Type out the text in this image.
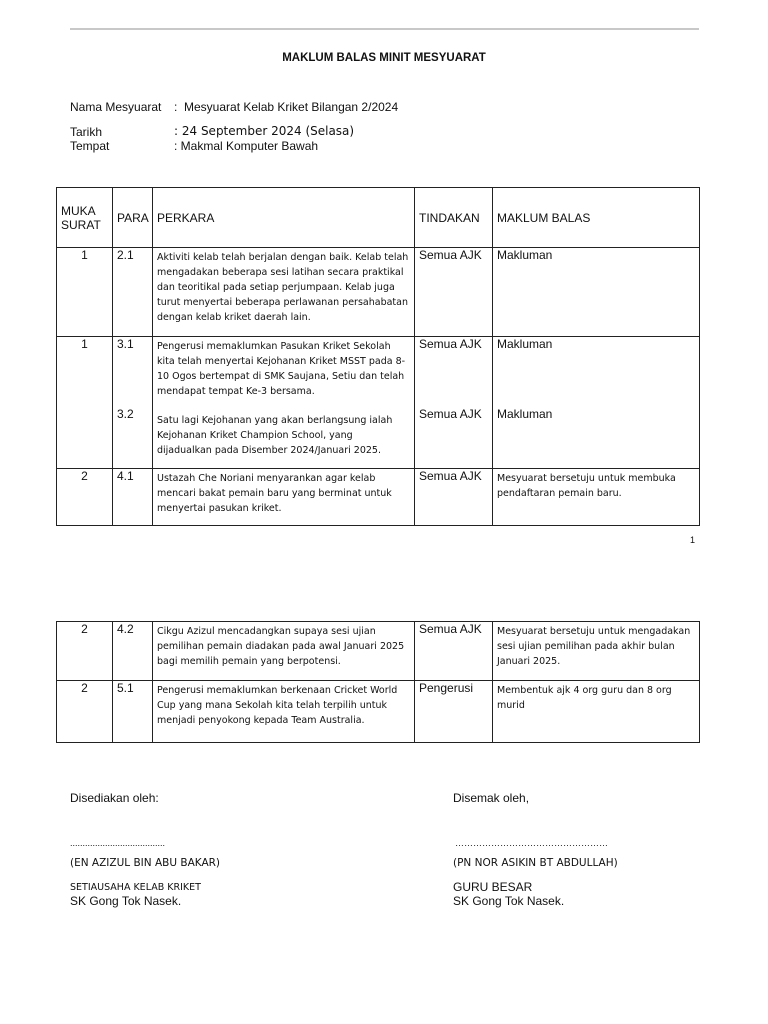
MAKLUM BALAS MINIT MESYUARAT
Nama Mesyuarat :  Mesyuarat Kelab Kriket Bilangan 2/2024
Tarikh	: 24 September 2024 (Selasa)
Tempat	: Makmal Komputer Bawah
MUKA SURAT	PARA	PERKARA	TINDAKAN	MAKLUM BALAS
1	2.1	Aktiviti kelab telah berjalan dengan baik. Kelab telah mengadakan beberapa sesi latihan secara praktikal dan teoritikal pada setiap perjumpaan. Kelab juga turut menyertai beberapa perlawanan persahabatan dengan kelab kriket daerah lain.	Semua AJK	Makluman
1	3.1	Pengerusi memaklumkan Pasukan Kriket Sekolah kita telah menyertai Kejohanan Kriket MSST pada 8-10 Ogos bertempat di SMK Saujana, Setiu dan telah mendapat tempat Ke-3 bersama.	Semua AJK	Makluman
	3.2	Satu lagi Kejohanan yang akan berlangsung ialah Kejohanan Kriket Champion School, yang dijadualkan pada Disember 2024/Januari 2025.	Semua AJK	Makluman
2	4.1	Ustazah Che Noriani menyarankan agar kelab mencari bakat pemain baru yang berminat untuk menyertai pasukan kriket.	Semua AJK	Mesyuarat bersetuju untuk membuka pendaftaran pemain baru.
1
2	4.2	Cikgu Azizul mencadangkan supaya sesi ujian pemilihan pemain diadakan pada awal Januari 2025 bagi memilih pemain yang berpotensi.	Semua AJK	Mesyuarat bersetuju untuk mengadakan sesi ujian pemilihan pada akhir bulan Januari 2025.
2	5.1	Pengerusi memaklumkan berkenaan Cricket World Cup yang mana Sekolah kita telah terpilih untuk menjadi penyokong kepada Team Australia.	Pengerusi	Membentuk ajk 4 org guru dan 8 org murid
Disediakan oleh:
......................................
(EN AZIZUL BIN ABU BAKAR)
SETIAUSAHA KELAB KRIKET
SK Gong Tok Nasek.
Disemak oleh,
……………………………………………
(PN NOR ASIKIN BT ABDULLAH)
GURU BESAR
SK Gong Tok Nasek.
